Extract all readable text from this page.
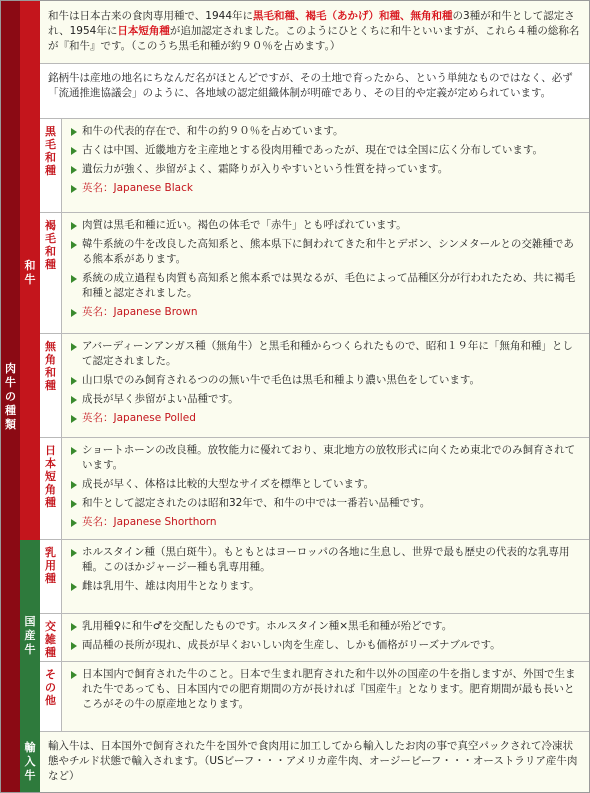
肉
牛
の
種
類
和
牛

和牛は日本古来の食肉専用種で、1944年に黒毛和種、褐毛（あかげ）和種、無角和種の3種が和牛として認定され、1954年に日本短角種が追加認定されました。このようにひとくちに和牛といいますが、これら４種の総称名が『和牛』です。（このうち黒毛和種が約９０％を占めます。）

銘柄牛は産地の地名にちなんだ名がほとんどですが、その土地で育ったから、という単純なものではなく、必ず「流通推進協議会」のように、各地域の認定組織体制が明確であり、その目的や定義が定められています。

黒
毛
和
種
和牛の代表的存在で、和牛の約９０％を占めています。
古くは中国、近畿地方を主産地とする役肉用種であったが、現在では全国に広く分布しています。
遺伝力が強く、歩留がよく、霜降りが入りやすいという性質を持っています。
英名：Japanese Black
褐
毛
和
種
肉質は黒毛和種に近い。褐色の体毛で「赤牛」とも呼ばれています。
韓牛系統の牛を改良した高知系と、熊本県下に飼われてきた和牛とデボン、シンメタールとの交雑種である熊本系があります。
系統の成立過程も肉質も高知系と熊本系では異なるが、毛色によって品種区分が行われたため、共に褐毛和種と認定されました。
英名：Japanese Brown
無
角
和
種
アバーディーンアンガス種（無角牛）と黒毛和種からつくられたもので、昭和１９年に「無角和種」として認定されました。
山口県でのみ飼育されるつのの無い牛で毛色は黒毛和種より濃い黒色をしています。
成長が早く歩留がよい品種です。
英名：Japanese Polled
日
本
短
角
種
ショートホーンの改良種。放牧能力に優れており、東北地方の放牧形式に向くため東北でのみ飼育されています。
成長が早く、体格は比較的大型なサイズを標準としています。
和牛として認定されたのは昭和32年で、和牛の中では一番若い品種です。
英名：Japanese Shorthorn
国
産
牛
乳
用
種
ホルスタイン種（黒白斑牛）。もともとはヨーロッパの各地に生息し、世界で最も歴史の代表的な乳専用種。このほかジャージー種も乳専用種。
雌は乳用牛、雄は肉用牛となります。
交
雑
種
乳用種♀に和牛♂を交配したものです。ホルスタイン種×黒毛和種が殆どです。
両品種の長所が現れ、成長が早くおいしい肉を生産し、しかも価格がリーズナブルです。
そ
の
他
日本国内で飼育された牛のこと。日本で生まれ肥育された和牛以外の国産の牛を指しますが、外国で生まれた牛であっても、日本国内での肥育期間の方が長ければ『国産牛』となります。肥育期間が最も長いところがその牛の原産地となります。
輸
入
牛

輸入牛は、日本国外で飼育された牛を国外で食肉用に加工してから輸入したお肉の事で真空パックされて冷凍状態やチルド状態で輸入されます。（USビーフ・・・アメリカ産牛肉、オージービーフ・・・オーストラリア産牛肉など）
